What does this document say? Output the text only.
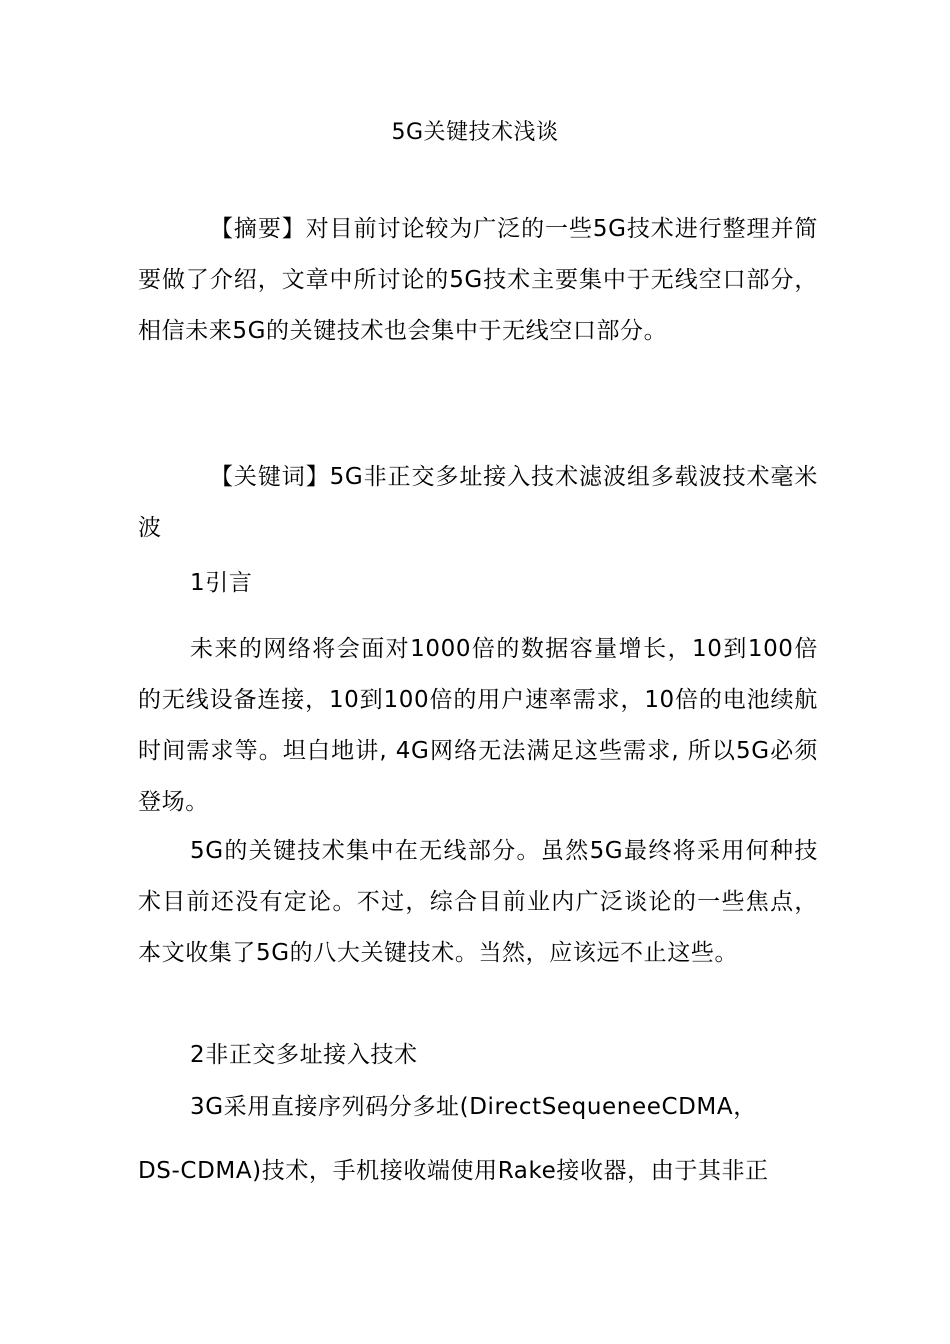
5G关键技术浅谈

【摘要】对目前讨论较为广泛的一些5G技术进行整理并简要做了介绍，文章中所讨论的5G技术主要集中于无线空口部分，相信未来5G的关键技术也会集中于无线空口部分。

【关键词】5G非正交多址接入技术滤波组多载波技术毫米波

1引言

未来的网络将会面对1000倍的数据容量增长，10到100倍的无线设备连接，10到100倍的用户速率需求，10倍的电池续航时间需求等。坦白地讲, 4G网络无法满足这些需求, 所以5G必须登场。

5G的关键技术集中在无线部分。虽然5G最终将采用何种技术目前还没有定论。不过，综合目前业内广泛谈论的一些焦点，本文收集了5G的八大关键技术。当然，应该远不止这些。

2非正交多址接入技术

3G采用直接序列码分多址(DirectSequeneeCDMA，

DS-CDMA)技术，手机接收端使用Rake接收器，由于其非正
